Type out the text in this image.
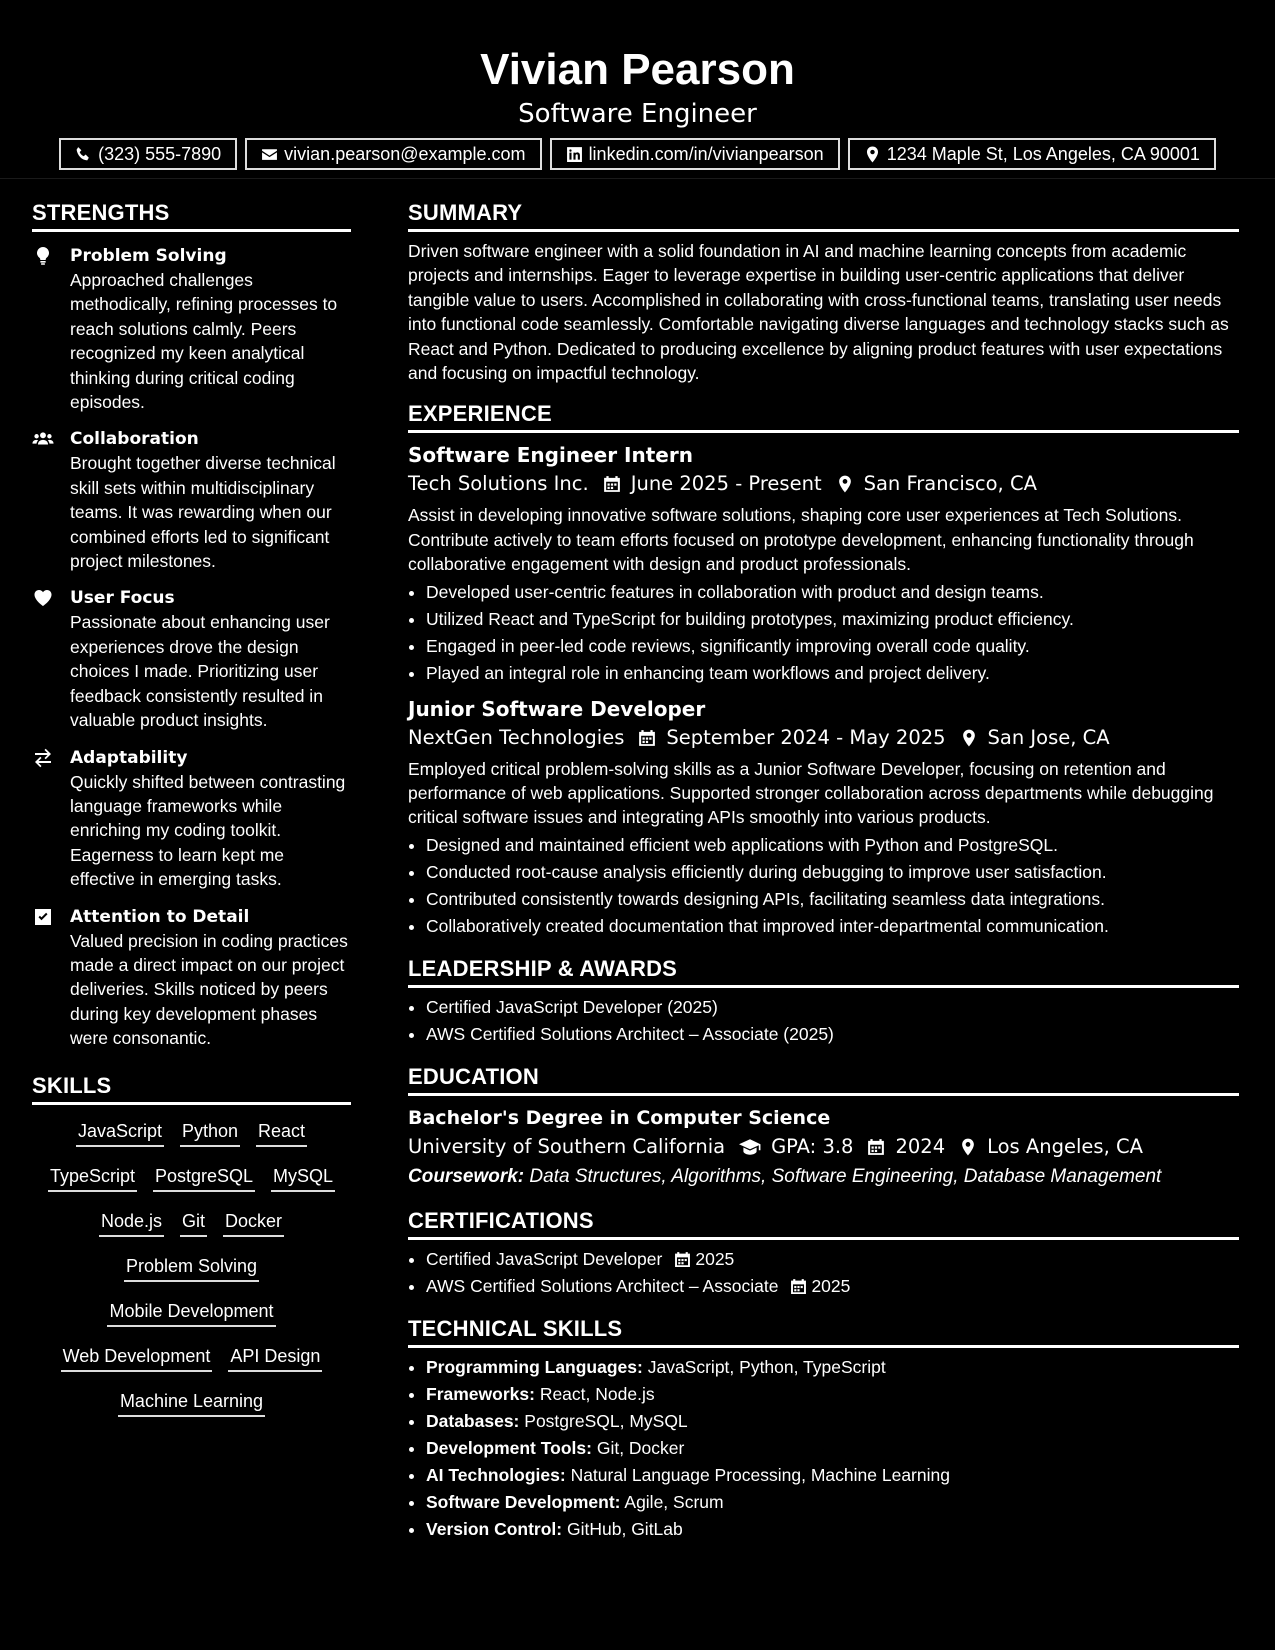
Vivian Pearson
Software Engineer
(323) 555-7890	vivian.pearson@example.com	linkedin.com/in/vivianpearson	1234 Maple St, Los Angeles, CA 90001
STRENGTHS
Problem Solving
Approached challenges methodically, refining processes to reach solutions calmly. Peers recognized my keen analytical thinking during critical coding episodes.
Collaboration
Brought together diverse technical skill sets within multidisciplinary teams. It was rewarding when our combined efforts led to significant project milestones.
User Focus
Passionate about enhancing user experiences drove the design choices I made. Prioritizing user feedback consistently resulted in valuable product insights.
Adaptability
Quickly shifted between contrasting language frameworks while enriching my coding toolkit. Eagerness to learn kept me effective in emerging tasks.
Attention to Detail
Valued precision in coding practices made a direct impact on our project deliveries. Skills noticed by peers during key development phases were consonantic.
SKILLS
JavaScript Python React
TypeScript PostgreSQL MySQL
Node.js Git Docker
Problem Solving
Mobile Development
Web Development API Design
Machine Learning
SUMMARY
Driven software engineer with a solid foundation in AI and machine learning concepts from academic projects and internships. Eager to leverage expertise in building user-centric applications that deliver tangible value to users. Accomplished in collaborating with cross-functional teams, translating user needs into functional code seamlessly. Comfortable navigating diverse languages and technology stacks such as React and Python. Dedicated to producing excellence by aligning product features with user expectations and focusing on impactful technology.
EXPERIENCE
Software Engineer Intern
Tech Solutions Inc. June 2025 - Present San Francisco, CA
Assist in developing innovative software solutions, shaping core user experiences at Tech Solutions. Contribute actively to team efforts focused on prototype development, enhancing functionality through collaborative engagement with design and product professionals.
• Developed user-centric features in collaboration with product and design teams.
• Utilized React and TypeScript for building prototypes, maximizing product efficiency.
• Engaged in peer-led code reviews, significantly improving overall code quality.
• Played an integral role in enhancing team workflows and project delivery.
Junior Software Developer
NextGen Technologies September 2024 - May 2025 San Jose, CA
Employed critical problem-solving skills as a Junior Software Developer, focusing on retention and performance of web applications. Supported stronger collaboration across departments while debugging critical software issues and integrating APIs smoothly into various products.
• Designed and maintained efficient web applications with Python and PostgreSQL.
• Conducted root-cause analysis efficiently during debugging to improve user satisfaction.
• Contributed consistently towards designing APIs, facilitating seamless data integrations.
• Collaboratively created documentation that improved inter-departmental communication.
LEADERSHIP & AWARDS
• Certified JavaScript Developer (2025)
• AWS Certified Solutions Architect – Associate (2025)
EDUCATION
Bachelor's Degree in Computer Science
University of Southern California GPA: 3.8 2024 Los Angeles, CA
Coursework: Data Structures, Algorithms, Software Engineering, Database Management
CERTIFICATIONS
• Certified JavaScript Developer 2025
• AWS Certified Solutions Architect – Associate 2025
TECHNICAL SKILLS
• Programming Languages: JavaScript, Python, TypeScript
• Frameworks: React, Node.js
• Databases: PostgreSQL, MySQL
• Development Tools: Git, Docker
• AI Technologies: Natural Language Processing, Machine Learning
• Software Development: Agile, Scrum
• Version Control: GitHub, GitLab
